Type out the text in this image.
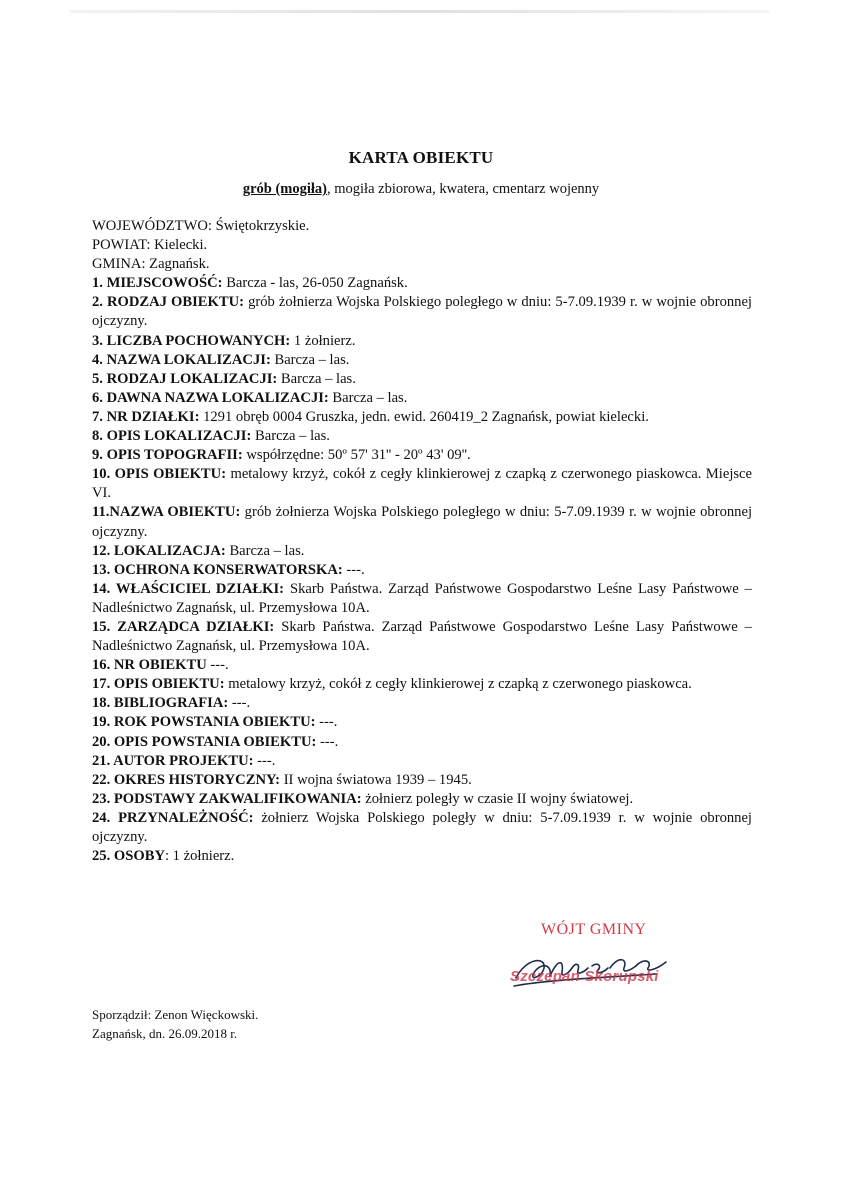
KARTA OBIEKTU
grób (mogiła), mogiła zbiorowa, kwatera, cmentarz wojenny
WOJEWÓDZTWO: Świętokrzyskie.
POWIAT: Kielecki.
GMINA: Zagnańsk.
1. MIEJSCOWOŚĆ: Barcza - las, 26-050 Zagnańsk.
2. RODZAJ OBIEKTU: grób żołnierza Wojska Polskiego poległego w dniu: 5-7.09.1939 r. w wojnie obronnej ojczyzny.
3. LICZBA POCHOWANYCH: 1 żołnierz.
4. NAZWA LOKALIZACJI: Barcza – las.
5. RODZAJ LOKALIZACJI: Barcza – las.
6. DAWNA NAZWA LOKALIZACJI: Barcza – las.
7. NR DZIAŁKI: 1291 obręb 0004 Gruszka, jedn. ewid. 260419_2 Zagnańsk, powiat kielecki.
8. OPIS LOKALIZACJI: Barcza – las.
9. OPIS TOPOGRAFII: współrzędne: 50º 57' 31'' - 20º 43' 09''.
10. OPIS OBIEKTU: metalowy krzyż, cokół z cegły klinkierowej z czapką z czerwonego piaskowca. Miejsce VI.
11.NAZWA OBIEKTU: grób żołnierza Wojska Polskiego poległego w dniu: 5-7.09.1939 r. w wojnie obronnej ojczyzny.
12. LOKALIZACJA: Barcza – las.
13. OCHRONA KONSERWATORSKA: ---.
14. WŁAŚCICIEL DZIAŁKI: Skarb Państwa. Zarząd Państwowe Gospodarstwo Leśne Lasy Państwowe – Nadleśnictwo Zagnańsk, ul. Przemysłowa 10A.
15. ZARZĄDCA DZIAŁKI: Skarb Państwa. Zarząd Państwowe Gospodarstwo Leśne Lasy Państwowe – Nadleśnictwo Zagnańsk, ul. Przemysłowa 10A.
16. NR OBIEKTU ---.
17. OPIS OBIEKTU: metalowy krzyż, cokół z cegły klinkierowej z czapką z czerwonego piaskowca.
18. BIBLIOGRAFIA: ---.
19. ROK POWSTANIA OBIEKTU: ---.
20. OPIS POWSTANIA OBIEKTU: ---.
21. AUTOR PROJEKTU: ---.
22. OKRES HISTORYCZNY: II wojna światowa 1939 – 1945.
23. PODSTAWY ZAKWALIFIKOWANIA: żołnierz poległy w czasie II wojny światowej.
24. PRZYNALEŻNOŚĆ: żołnierz Wojska Polskiego poległy w dniu: 5-7.09.1939 r. w wojnie obronnej ojczyzny.
25. OSOBY: 1 żołnierz.
WÓJT GMINY
Szczepan Skorupski
Sporządził: Zenon Więckowski.
Zagnańsk, dn. 26.09.2018 r.
